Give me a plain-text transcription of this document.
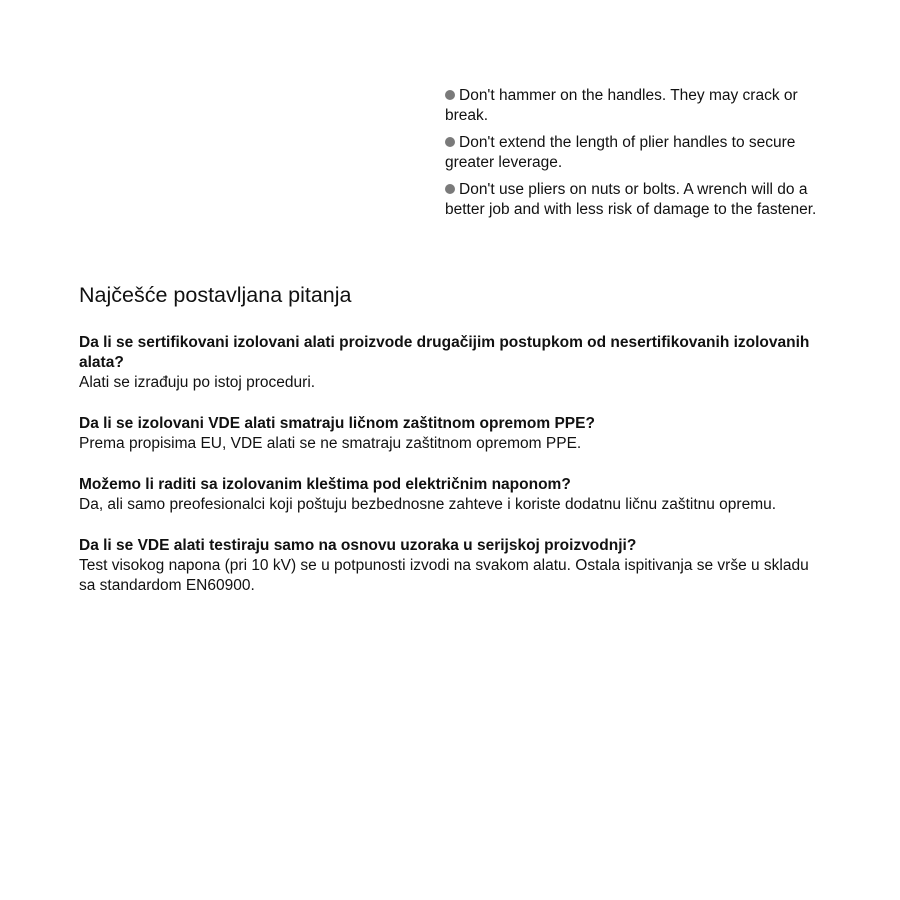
Don't hammer on the handles. They may crack or break.
Don't extend the length of plier handles to secure greater leverage.
Don't use pliers on nuts or bolts. A wrench will do a better job and with less risk of damage to the fastener.
Najčešće postavljana pitanja

Da li se sertifikovani izolovani alati proizvode drugačijim postupkom od nesertifikovanih izolovanih alata?

Alati se izrađuju po istoj proceduri.

Da li se izolovani VDE alati smatraju ličnom zaštitnom opremom PPE?

Prema propisima EU, VDE alati se ne smatraju zaštitnom opremom PPE.

Možemo li raditi sa izolovanim kleštima pod električnim naponom?

Da, ali samo preofesionalci koji poštuju bezbednosne zahteve i koriste dodatnu ličnu zaštitnu opremu.

Da li se VDE alati testiraju samo na osnovu uzoraka u serijskoj proizvodnji?

Test visokog napona (pri 10 kV) se u potpunosti izvodi na svakom alatu. Ostala ispitivanja se vrše u skladu sa standardom EN60900.
